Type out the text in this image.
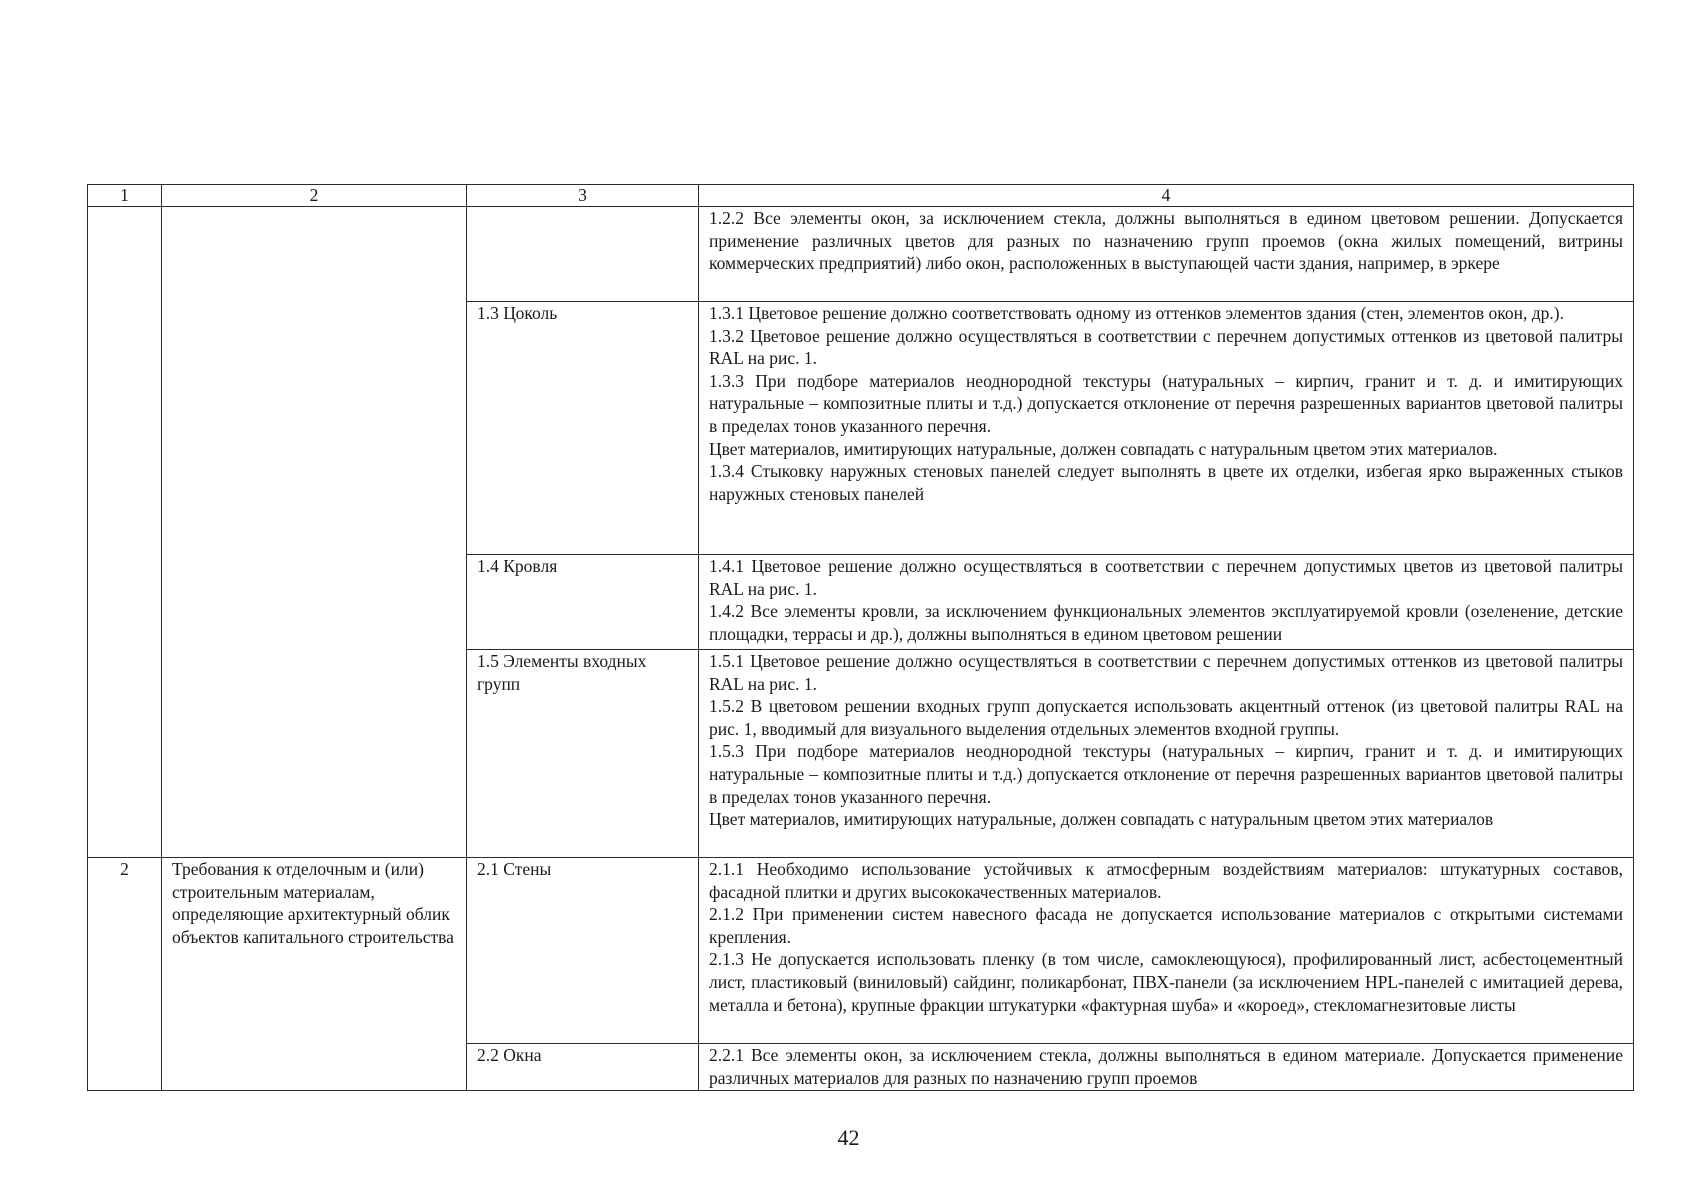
1	2	3	4

			1.2.2 Все элементы окон, за исключением стекла, должны выполняться в едином цветовом решении. Допускается применение различных цветов для разных по назначению групп проемов (окна жилых помещений, витрины коммерческих предприятий) либо окон, расположенных в выступающей части здания, например, в эркере

		1.3 Цоколь	1.3.1 Цветовое решение должно соответствовать одному из оттенков элементов здания (стен, элементов окон, др.).

1.3.2 Цветовое решение должно осуществляться в соответствии с перечнем допустимых оттенков из цветовой палитры RAL на рис. 1.

1.3.3 При подборе материалов неоднородной текстуры (натуральных – кирпич, гранит и т. д. и имитирующих натуральные – композитные плиты и т.д.) допускается отклонение от перечня разрешенных вариантов цветовой палитры в пределах тонов указанного перечня.

Цвет материалов, имитирующих натуральные, должен совпадать с натуральным цветом этих материалов.

1.3.4 Стыковку наружных стеновых панелей следует выполнять в цвете их отделки, избегая ярко выраженных стыков наружных стеновых панелей

		1.4 Кровля	1.4.1 Цветовое решение должно осуществляться в соответствии с перечнем допустимых цветов из цветовой палитры RAL на рис. 1.

1.4.2 Все элементы кровли, за исключением функциональных элементов эксплуатируемой кровли (озеленение, детские площадки, террасы и др.), должны выполняться в едином цветовом решении

		1.5 Элементы входных групп	1.5.1 Цветовое решение должно осуществляться в соответствии с перечнем допустимых оттенков из цветовой палитры RAL на рис. 1.

1.5.2 В цветовом решении входных групп допускается использовать акцентный оттенок (из цветовой палитры RAL на рис. 1, вводимый для визуального выделения отдельных элементов входной группы.

1.5.3 При подборе материалов неоднородной текстуры (натуральных – кирпич, гранит и т. д. и имитирующих натуральные – композитные плиты и т.д.) допускается отклонение от перечня разрешенных вариантов цветовой палитры в пределах тонов указанного перечня.

Цвет материалов, имитирующих натуральные, должен совпадать с натуральным цветом этих материалов

2	Требования к отделочным и (или) строительным материалам, определяющие архитектурный облик объектов капитального строительства	2.1 Стены	2.1.1 Необходимо использование устойчивых к атмосферным воздействиям материалов: штукатурных составов, фасадной плитки и других высококачественных материалов.

2.1.2 При применении систем навесного фасада не допускается использование материалов с открытыми системами крепления.

2.1.3 Не допускается использовать пленку (в том числе, самоклеющуюся), профилированный лист, асбестоцементный лист, пластиковый (виниловый) сайдинг, поликарбонат, ПВХ-панели (за исключением HPL-панелей с имитацией дерева, металла и бетона), крупные фракции штукатурки «фактурная шуба» и «короед», стекломагнезитовые листы

		2.2 Окна	2.2.1 Все элементы окон, за исключением стекла, должны выполняться в едином материале. Допускается применение различных материалов для разных по назначению групп проемов

42
